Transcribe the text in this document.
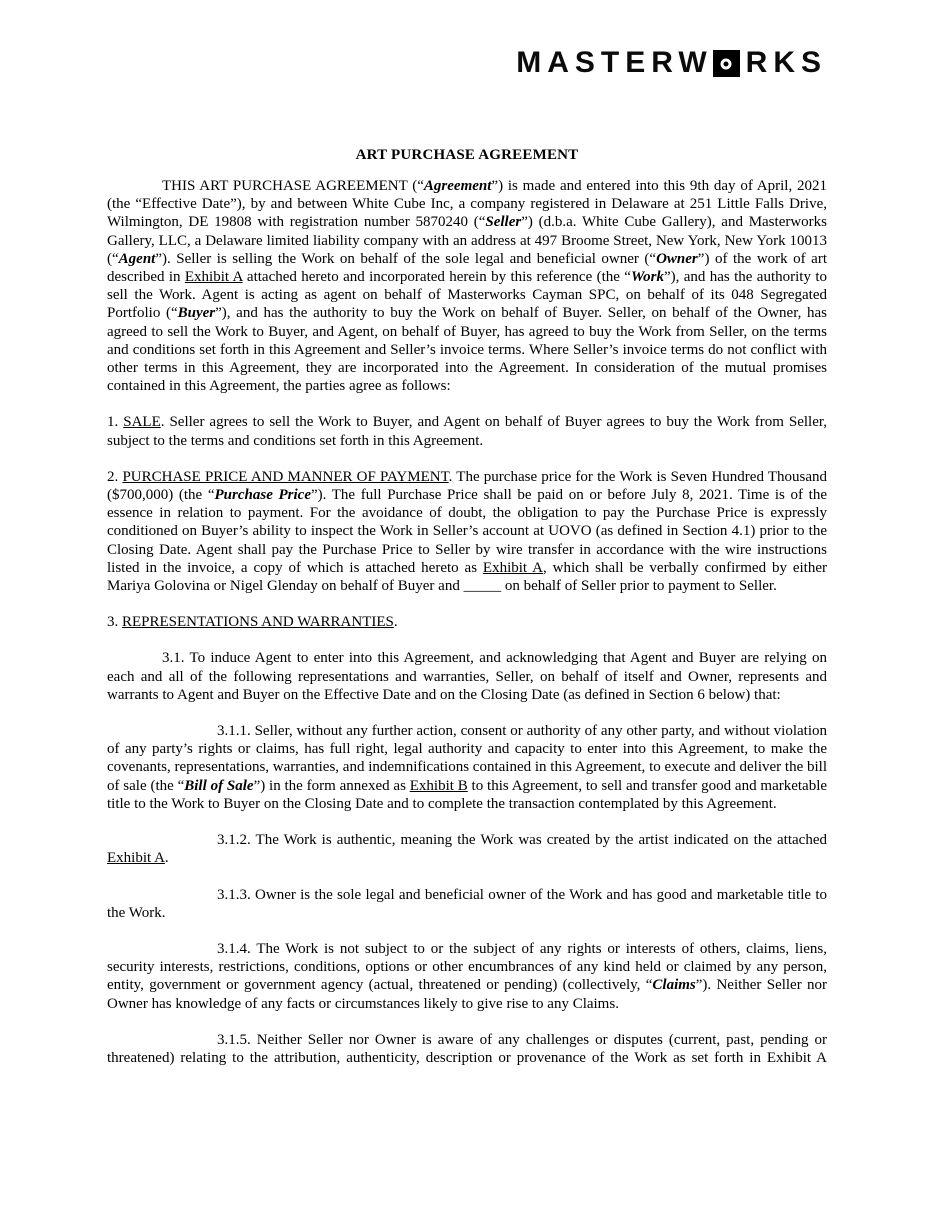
MASTERW RKS
ART PURCHASE AGREEMENT

THIS ART PURCHASE AGREEMENT (“Agreement”) is made and entered into this 9th day of April, 2021 (the “Effective Date”), by and between White Cube Inc, a company registered in Delaware at 251 Little Falls Drive, Wilmington, DE 19808 with registration number 5870240 (“Seller”) (d.b.a. White Cube Gallery), and Masterworks Gallery, LLC, a Delaware limited liability company with an address at 497 Broome Street, New York, New York 10013 (“Agent”). Seller is selling the Work on behalf of the sole legal and beneficial owner (“Owner”) of the work of art described in Exhibit A attached hereto and incorporated herein by this reference (the “Work”), and has the authority to sell the Work. Agent is acting as agent on behalf of Masterworks Cayman SPC, on behalf of its 048 Segregated Portfolio (“Buyer”), and has the authority to buy the Work on behalf of Buyer. Seller, on behalf of the Owner, has agreed to sell the Work to Buyer, and Agent, on behalf of Buyer, has agreed to buy the Work from Seller, on the terms and conditions set forth in this Agreement and Seller’s invoice terms. Where Seller’s invoice terms do not conflict with other terms in this Agreement, they are incorporated into the Agreement. In consideration of the mutual promises contained in this Agreement, the parties agree as follows:

1. SALE. Seller agrees to sell the Work to Buyer, and Agent on behalf of Buyer agrees to buy the Work from Seller, subject to the terms and conditions set forth in this Agreement.

2. PURCHASE PRICE AND MANNER OF PAYMENT. The purchase price for the Work is Seven Hundred Thousand ($700,000) (the “Purchase Price”). The full Purchase Price shall be paid on or before July 8, 2021. Time is of the essence in relation to payment. For the avoidance of doubt, the obligation to pay the Purchase Price is expressly conditioned on Buyer’s ability to inspect the Work in Seller’s account at UOVO (as defined in Section 4.1) prior to the Closing Date. Agent shall pay the Purchase Price to Seller by wire transfer in accordance with the wire instructions listed in the invoice, a copy of which is attached hereto as Exhibit A, which shall be verbally confirmed by either Mariya Golovina or Nigel Glenday on behalf of Buyer and _____ on behalf of Seller prior to payment to Seller.

3. REPRESENTATIONS AND WARRANTIES.

3.1. To induce Agent to enter into this Agreement, and acknowledging that Agent and Buyer are relying on each and all of the following representations and warranties, Seller, on behalf of itself and Owner, represents and warrants to Agent and Buyer on the Effective Date and on the Closing Date (as defined in Section 6 below) that:

3.1.1. Seller, without any further action, consent or authority of any other party, and without violation of any party’s rights or claims, has full right, legal authority and capacity to enter into this Agreement, to make the covenants, representations, warranties, and indemnifications contained in this Agreement, to execute and deliver the bill of sale (the “Bill of Sale”) in the form annexed as Exhibit B to this Agreement, to sell and transfer good and marketable title to the Work to Buyer on the Closing Date and to complete the transaction contemplated by this Agreement.

3.1.2. The Work is authentic, meaning the Work was created by the artist indicated on the attached Exhibit A.

3.1.3. Owner is the sole legal and beneficial owner of the Work and has good and marketable title to the Work.

3.1.4. The Work is not subject to or the subject of any rights or interests of others, claims, liens, security interests, restrictions, conditions, options or other encumbrances of any kind held or claimed by any person, entity, government or government agency (actual, threatened or pending) (collectively, “Claims”). Neither Seller nor Owner has knowledge of any facts or circumstances likely to give rise to any Claims.

3.1.5. Neither Seller nor Owner is aware of any challenges or disputes (current, past, pending or threatened) relating to the attribution, authenticity, description or provenance of the Work as set forth in Exhibit A
